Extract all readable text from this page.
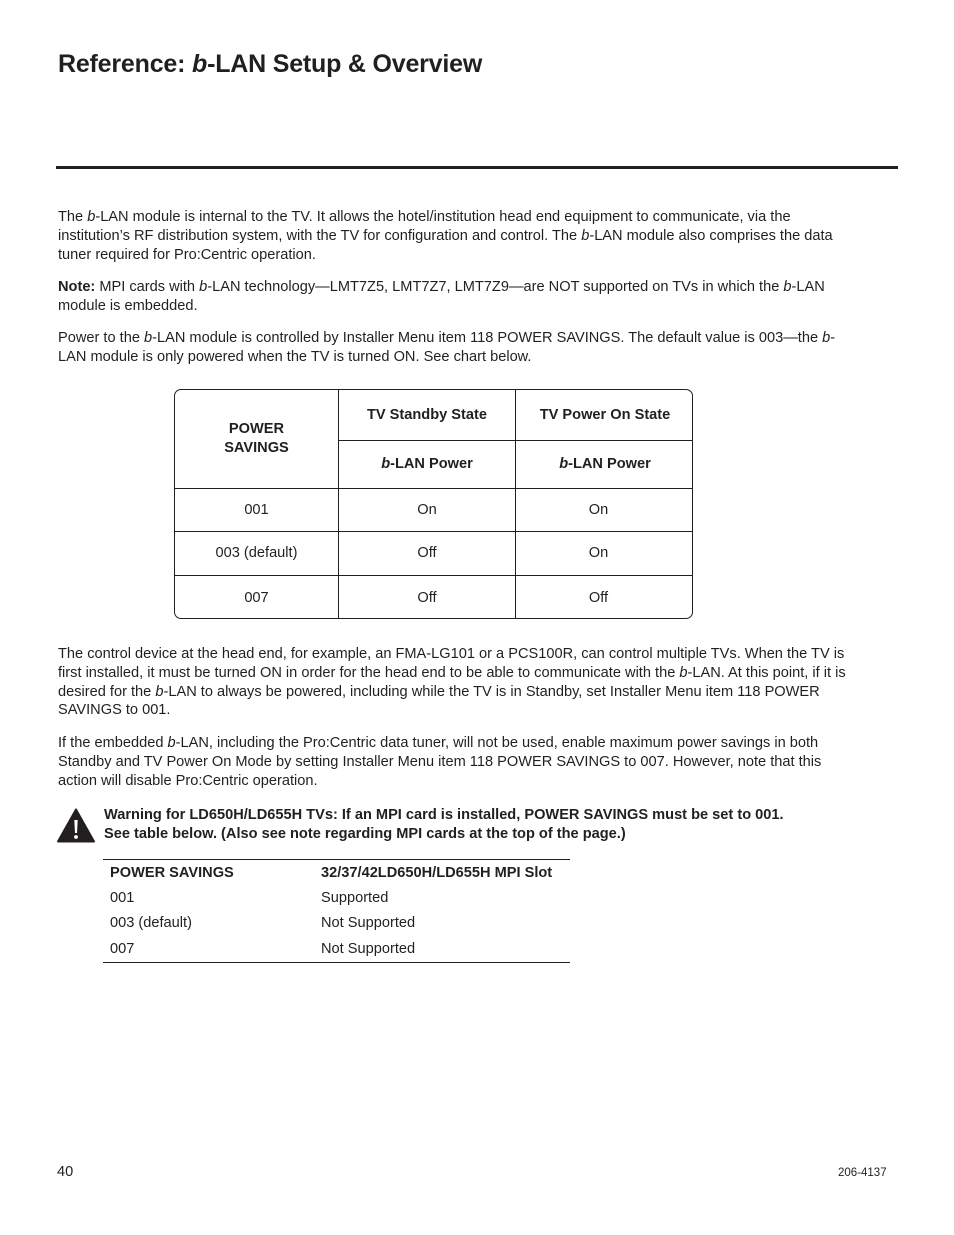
Reference: b-LAN Setup & Overview

The b-LAN module is internal to the TV. It allows the hotel/institution head end equipment to communicate, via the institution’s RF distribution system, with the TV for configuration and control. The b-LAN module also comprises the data tuner required for Pro:Centric operation.

Note: MPI cards with b-LAN technology—LMT7Z5, LMT7Z7, LMT7Z9—are NOT supported on TVs in which the b-LAN module is embedded.

Power to the b-LAN module is controlled by Installer Menu item 118 POWER SAVINGS. The default value is 003—the b-LAN module is only powered when the TV is turned ON. See chart below.

POWER
SAVINGS
TV Standby State	TV Power On State
b -LAN Power	b -LAN Power
001	On	On
003 (default)	Off	On
007	Off	Off

The control device at the head end, for example, an FMA-LG101 or a PCS100R, can control multiple TVs. When the TV is first installed, it must be turned ON in order for the head end to be able to communicate with the b-LAN. At this point, if it is desired for the b-LAN to always be powered, including while the TV is in Standby, set Installer Menu item 118 POWER SAVINGS to 001.

If the embedded b-LAN, including the Pro:Centric data tuner, will not be used, enable maximum power savings in both Standby and TV Power On Mode by setting Installer Menu item 118 POWER SAVINGS to 007. However, note that this action will disable Pro:Centric operation.

Warning for LD650H/LD655H TVs: If an MPI card is installed, POWER SAVINGS must be set to 001.
See table below. (Also see note regarding MPI cards at the top of the page.)
POWER SAVINGS	32/37/42LD650H/LD655H MPI Slot
001	Supported
003 (default)	Not Supported
007	Not Supported
40	206-4137
